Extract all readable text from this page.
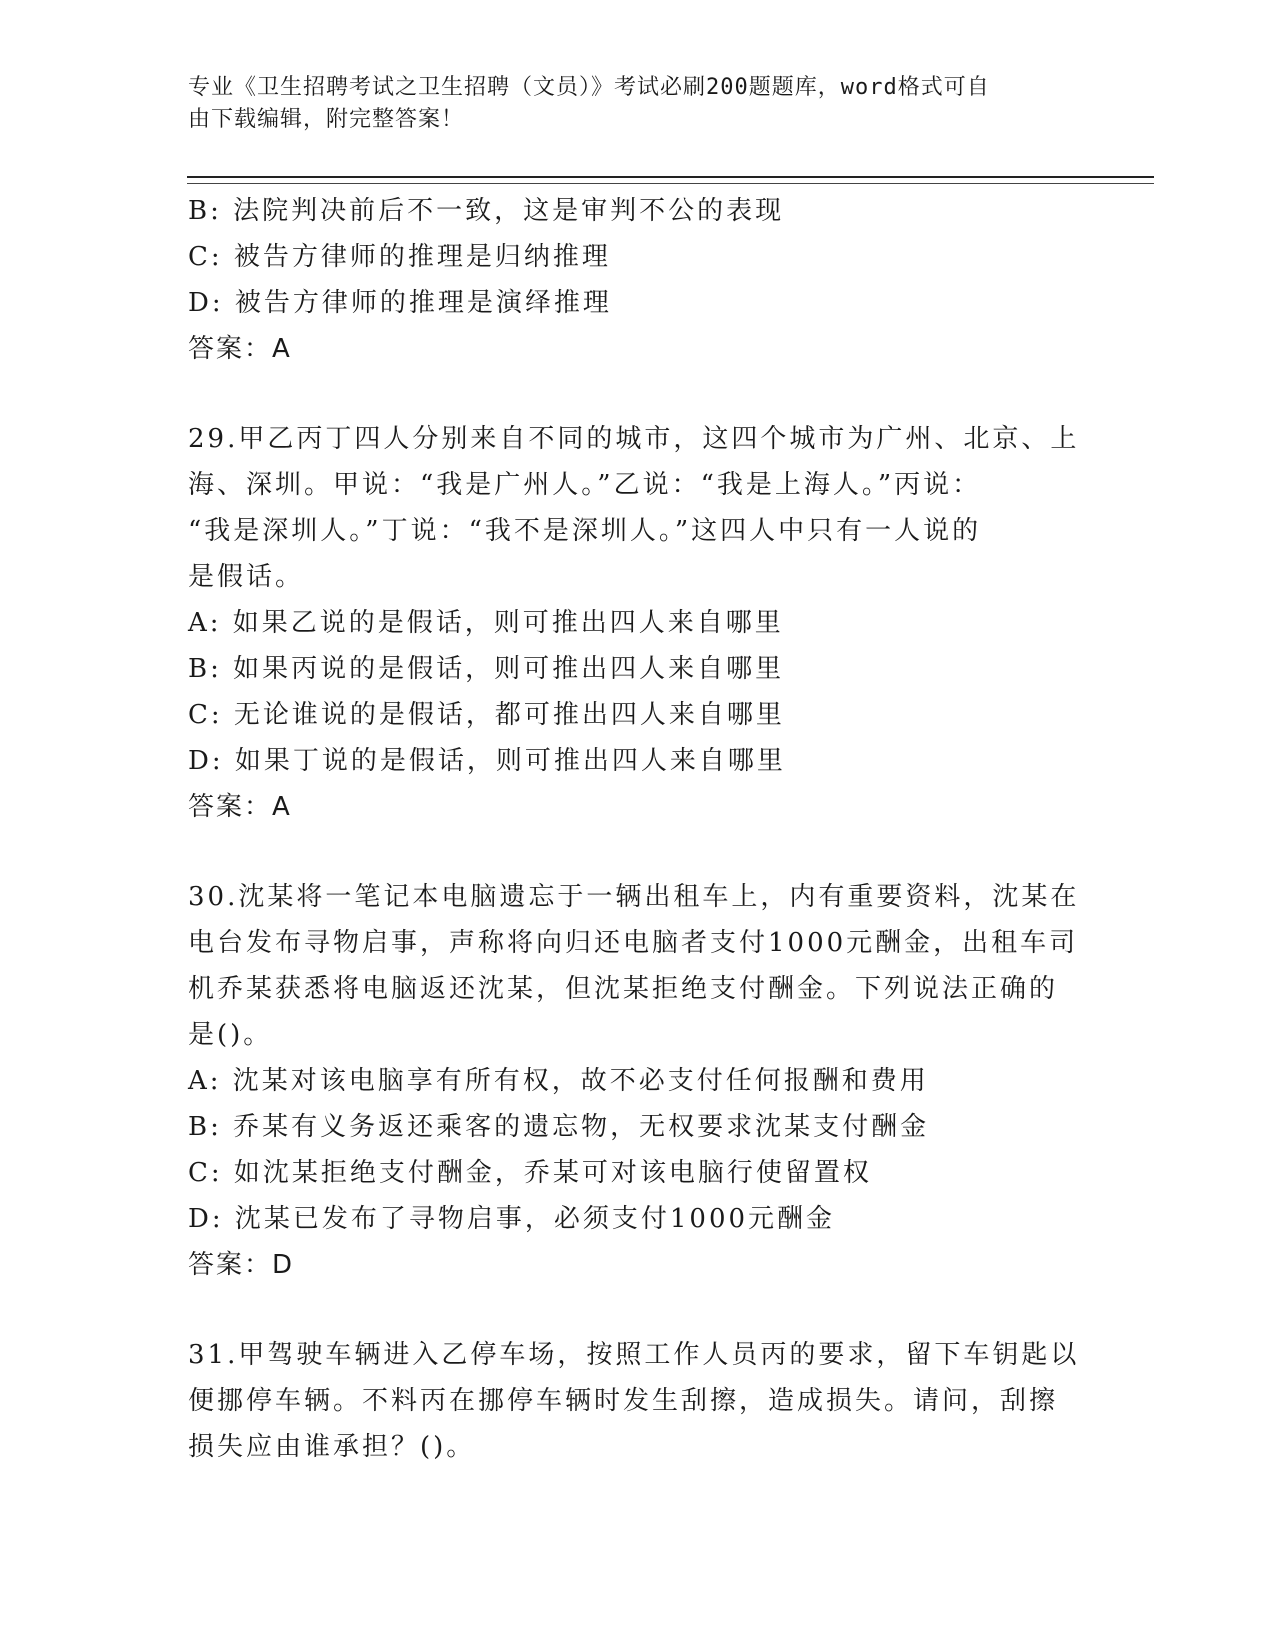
专业《卫生招聘考试之卫生招聘（文员）》考试必刷200题题库，word格式可自
由下载编辑，附完整答案！
B: 法院判决前后不一致，这是审判不公的表现
C: 被告方律师的推理是归纳推理
D: 被告方律师的推理是演绎推理
答案：A
29.甲乙丙丁四人分别来自不同的城市，这四个城市为广州、北京、上
海、深圳。甲说：“我是广州人。”乙说：“我是上海人。”丙说：
“我是深圳人。”丁说：“我不是深圳人。”这四人中只有一人说的
是假话。
A: 如果乙说的是假话，则可推出四人来自哪里
B: 如果丙说的是假话，则可推出四人来自哪里
C: 无论谁说的是假话，都可推出四人来自哪里
D: 如果丁说的是假话，则可推出四人来自哪里
答案：A
30.沈某将一笔记本电脑遗忘于一辆出租车上，内有重要资料，沈某在
电台发布寻物启事，声称将向归还电脑者支付1000元酬金，出租车司
机乔某获悉将电脑返还沈某，但沈某拒绝支付酬金。下列说法正确的
是()。
A: 沈某对该电脑享有所有权，故不必支付任何报酬和费用
B: 乔某有义务返还乘客的遗忘物，无权要求沈某支付酬金
C: 如沈某拒绝支付酬金，乔某可对该电脑行使留置权
D: 沈某已发布了寻物启事，必须支付1000元酬金
答案：D
31.甲驾驶车辆进入乙停车场，按照工作人员丙的要求，留下车钥匙以
便挪停车辆。不料丙在挪停车辆时发生刮擦，造成损失。请问，刮擦
损失应由谁承担？()。
